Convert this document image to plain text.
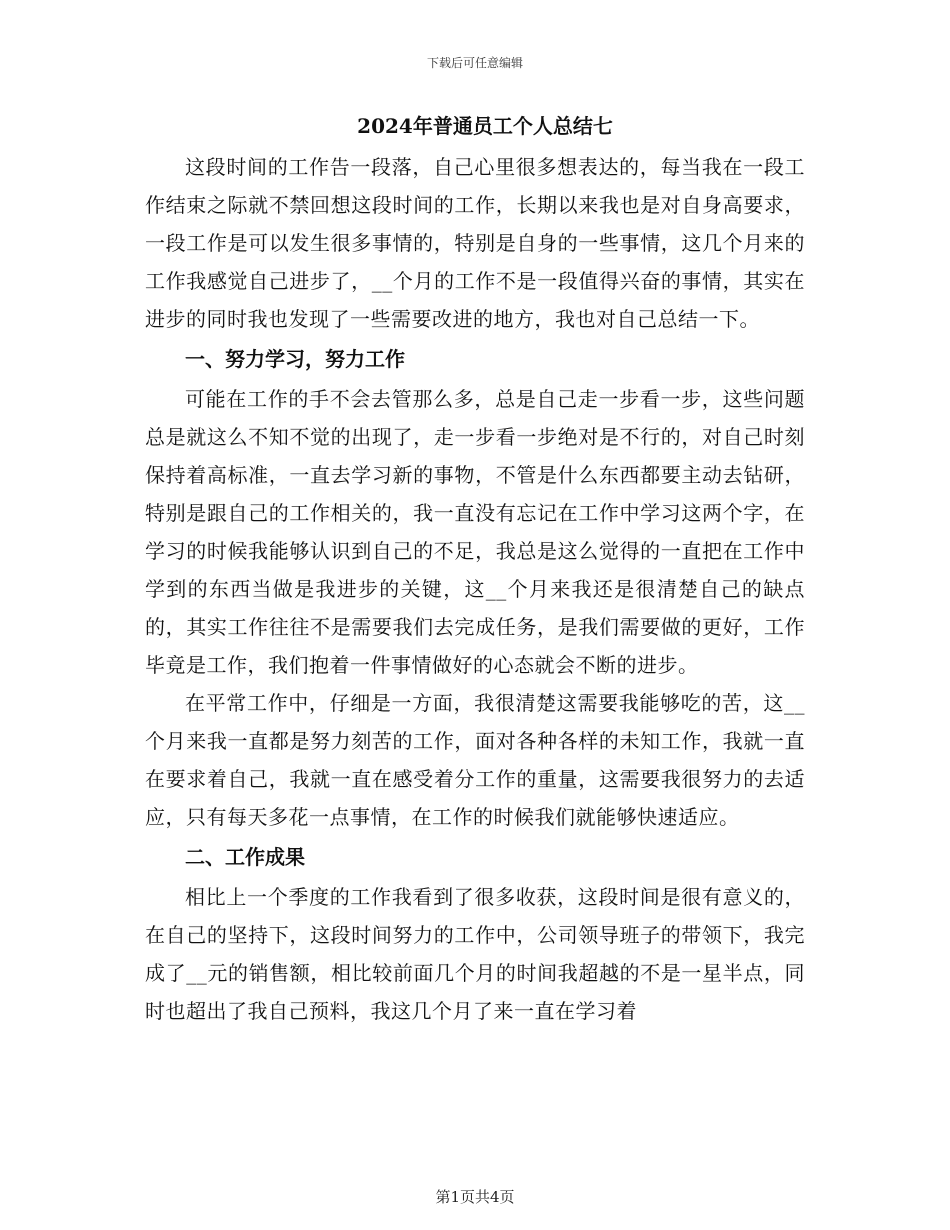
下载后可任意编辑
2024年普通员工个人总结七

这段时间的工作告一段落，自己心里很多想表达的，每当我在一段工作结束之际就不禁回想这段时间的工作，长期以来我也是对自身高要求，一段工作是可以发生很多事情的，特别是自身的一些事情，这几个月来的工作我感觉自己进步了，__个月的工作不是一段值得兴奋的事情，其实在进步的同时我也发现了一些需要改进的地方，我也对自己总结一下。

一、努力学习，努力工作

可能在工作的手不会去管那么多，总是自己走一步看一步，这些问题总是就这么不知不觉的出现了，走一步看一步绝对是不行的，对自己时刻保持着高标准，一直去学习新的事物，不管是什么东西都要主动去钻研，特别是跟自己的工作相关的，我一直没有忘记在工作中学习这两个字，在学习的时候我能够认识到自己的不足，我总是这么觉得的一直把在工作中学到的东西当做是我进步的关键，这__个月来我还是很清楚自己的缺点的，其实工作往往不是需要我们去完成任务，是我们需要做的更好，工作毕竟是工作，我们抱着一件事情做好的心态就会不断的进步。

在平常工作中，仔细是一方面，我很清楚这需要我能够吃的苦，这__个月来我一直都是努力刻苦的工作，面对各种各样的未知工作，我就一直在要求着自己，我就一直在感受着分工作的重量，这需要我很努力的去适应，只有每天多花一点事情，在工作的时候我们就能够快速适应。

二、工作成果

相比上一个季度的工作我看到了很多收获，这段时间是很有意义的，在自己的坚持下，这段时间努力的工作中，公司领导班子的带领下，我完成了__元的销售额，相比较前面几个月的时间我超越的不是一星半点，同时也超出了我自己预料，我这几个月了来一直在学习着

第1页共4页
